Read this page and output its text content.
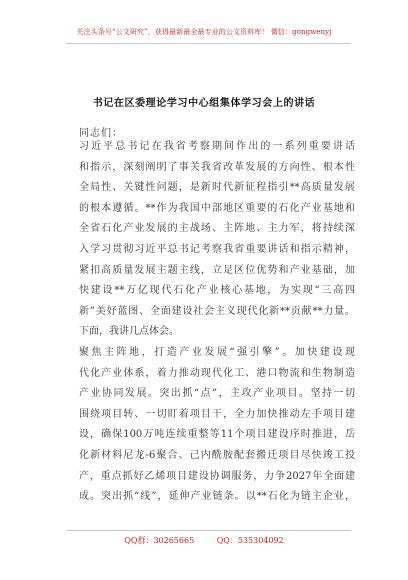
关注头条号“公文研究”，获得最新最全最专业的公文资料库！ 微信：gongwenyj
书记在区委理论学习中心组集体学习会上的讲话
同志们：
习近平总书记在我省考察期间作出的一系列重要讲话
和指示，深刻阐明了事关我省改革发展的方向性、根本性
全局性、关键性问题，是新时代新征程指引**高质量发展
的根本遵循。**作为我国中部地区重要的石化产业基地和
全省石化产业发展的主战场、主阵地、主力军，将持续深
入学习贯彻习近平总书记考察我省重要讲话和指示精神，
紧扣高质量发展主题主线，立足区位优势和产业基础，加
快建设**万亿现代石化产业核心基地，为实现“三高四
新”美好蓝图、全面建设社会主义现代化新**贡献**力量。
下面，我讲几点体会。
聚焦主阵地，打造产业发展“强引擎”。加快建设现
代化产业体系，着力推动现代化工、港口物流和生物制造
产业协同发展。突出抓“点”，主攻产业项目。坚持一切
围绕项目转、一切盯着项目干，全力加快推动左手项目建
设，确保100万吨连续重整等11个项目建设序时推进，岳
化新材料尼龙-6聚合、己内酰胺配套搬迁项目尽快竣工投
产，重点抓好乙烯项目建设协调服务，力争2027年全面建
成。突出抓“线”，延伸产业链条。以**石化为链主企业，
QQ群：30265665	QQ：535304092
